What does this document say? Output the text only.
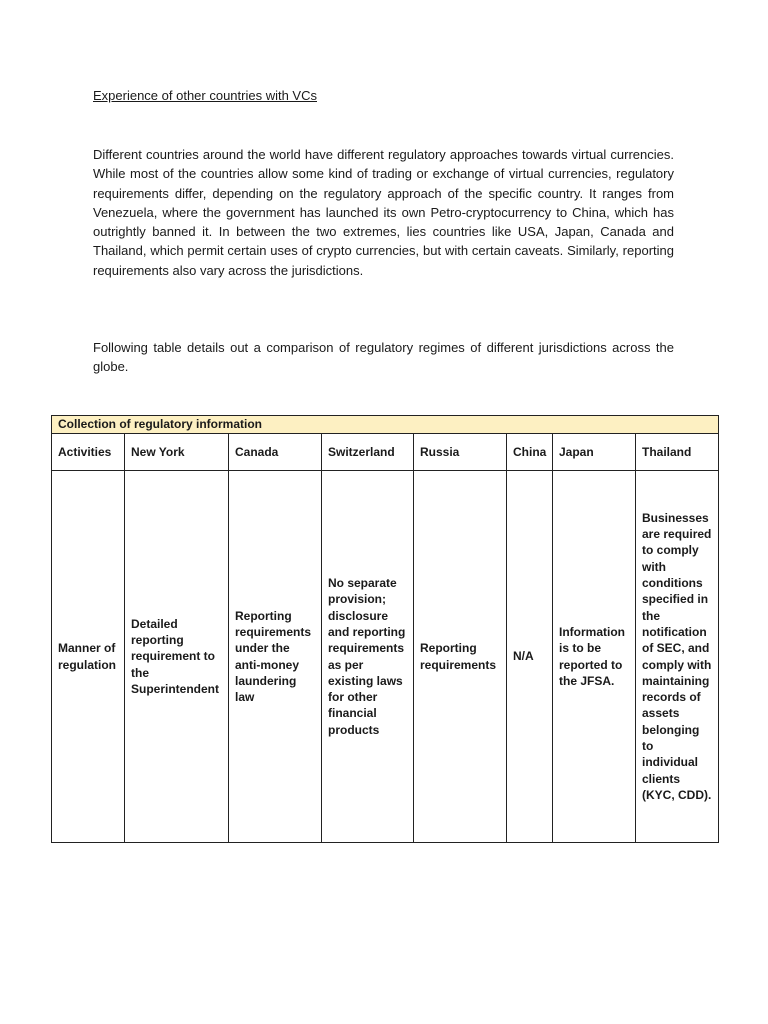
Experience of other countries with VCs

Different countries around the world have different regulatory approaches towards virtual currencies. While most of the countries allow some kind of trading or exchange of virtual currencies, regulatory requirements differ, depending on the regulatory approach of the specific country. It ranges from Venezuela, where the government has launched its own Petro-cryptocurrency to China, which has outrightly banned it. In between the two extremes, lies countries like USA, Japan, Canada and Thailand, which permit certain uses of crypto currencies, but with certain caveats. Similarly, reporting requirements also vary across the jurisdictions.

Following table details out a comparison of regulatory regimes of different jurisdictions across the globe.

Collection of regulatory information							
Activities	New York	Canada	Switzerland	Russia	China	Japan	Thailand
Manner of regulation	Detailed reporting requirement to the Superintendent	Reporting requirements under the anti-money laundering law	No separate provision; disclosure and reporting requirements as per existing laws for other financial products	Reporting requirements	N/A	Information is to be reported to the JFSA.	Businesses are required to comply with conditions specified in the notification of SEC, and comply with maintaining records of assets belonging to individual clients (KYC, CDD).
